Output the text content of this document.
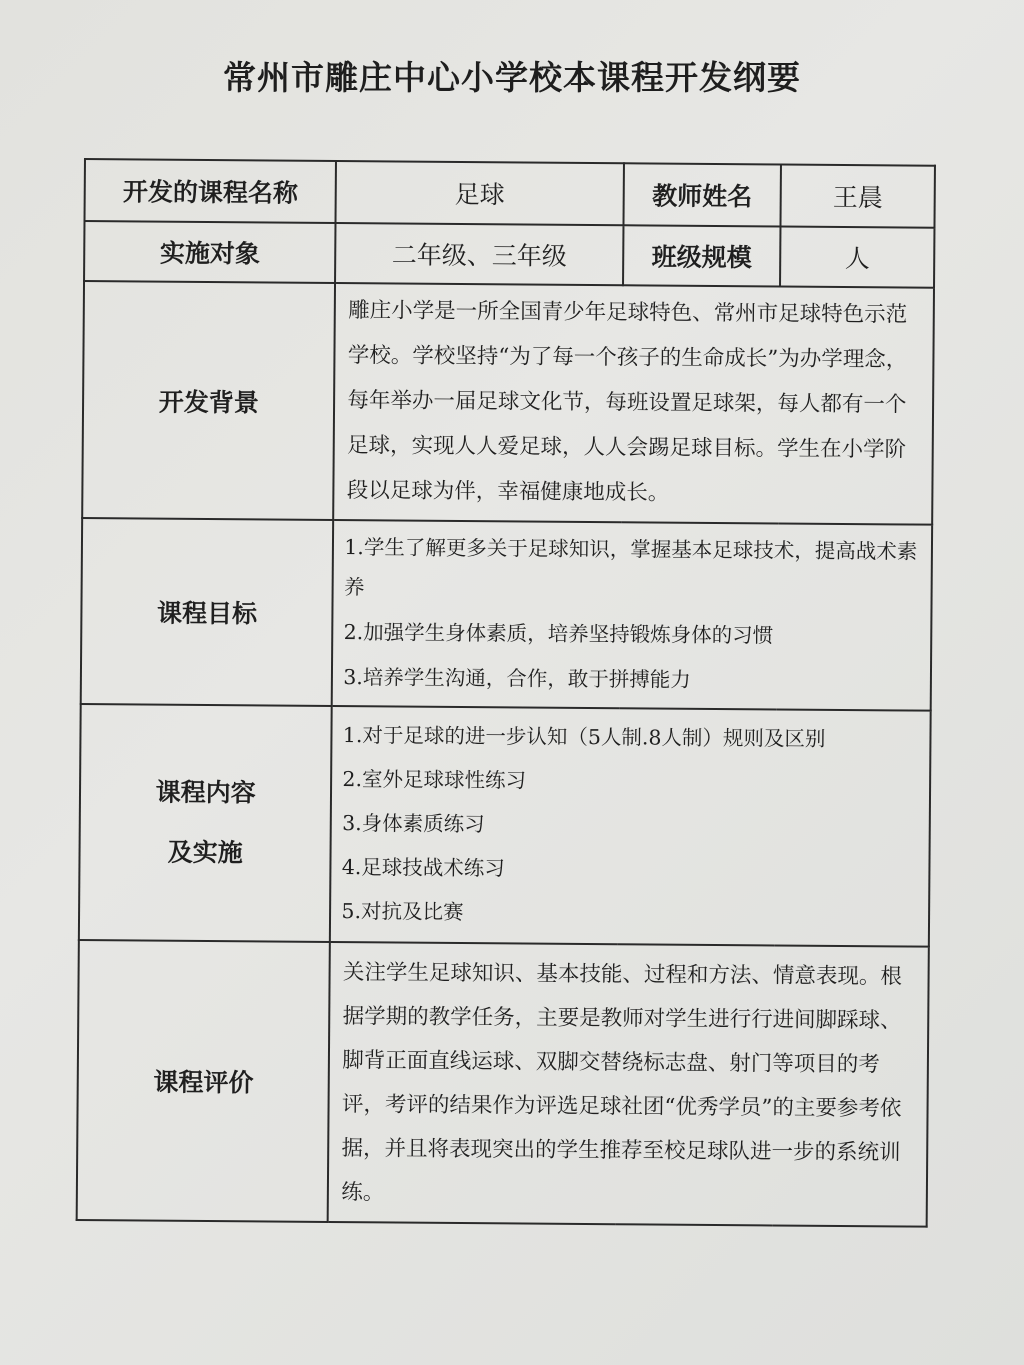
常州市雕庄中心小学校本课程开发纲要
开发的课程名称	足球	教师姓名	王晨
实施对象	二年级、三年级	班级规模	人
开发背景	雕庄小学是一所全国青少年足球特色、常州市足球特色示范学校。学校坚持“为了每一个孩子的生命成长”为办学理念，每年举办一届足球文化节，每班设置足球架，每人都有一个足球，实现人人爱足球，人人会踢足球目标。学生在小学阶段以足球为伴，幸福健康地成长。		
课程目标	1.学生了解更多关于足球知识，掌握基本足球技术，提高战术素养
2.加强学生身体素质，培养坚持锻炼身体的习惯
3.培养学生沟通，合作，敢于拼搏能力		

课程内容
及实施	1.对于足球的进一步认知（5人制.8人制）规则及区别
2.室外足球球性练习
3.身体素质练习
4.足球技战术练习
5.对抗及比赛		

课程评价	关注学生足球知识、基本技能、过程和方法、情意表现。根据学期的教学任务，主要是教师对学生进行行进间脚踩球、脚背正面直线运球、双脚交替绕标志盘、射门等项目的考评，考评的结果作为评选足球社团“优秀学员”的主要参考依据，并且将表现突出的学生推荐至校足球队进一步的系统训练。		
